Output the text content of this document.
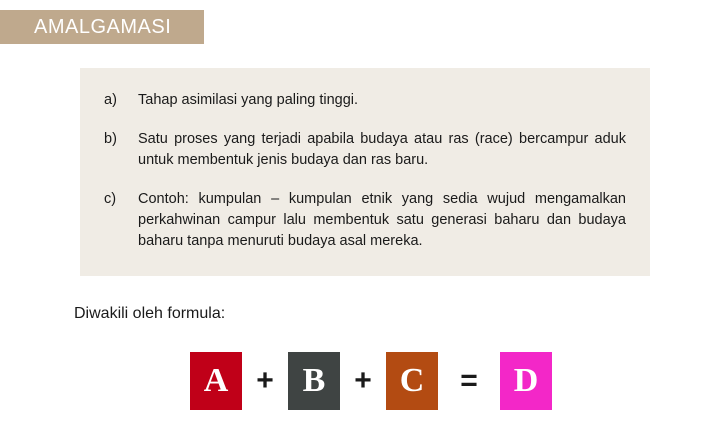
AMALGAMASI
a)	Tahap asimilasi yang paling tinggi.
b)	Satu proses yang terjadi apabila budaya atau ras (race) bercampur aduk untuk membentuk jenis budaya dan ras baru.
c)	Contoh: kumpulan – kumpulan etnik yang sedia wujud mengamalkan perkahwinan campur lalu membentuk satu generasi baharu dan budaya baharu tanpa menuruti budaya asal mereka.
Diwakili oleh formula:
A + B + C	=	D
